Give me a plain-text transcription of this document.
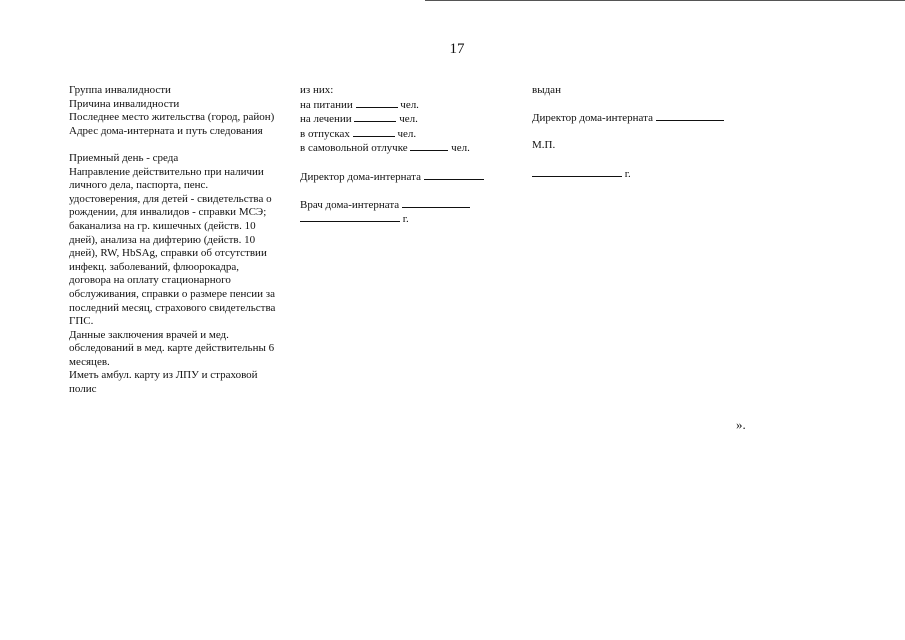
17
Группа инвалидности
Причина инвалидности
Последнее место жительства (город, район)
Адрес дома-интерната и путь следования
Приемный день - среда
Направление действительно при наличии
личного дела, паспорта, пенс.
удостоверения, для детей - свидетельства о
рождении, для инвалидов - справки МСЭ;
баканализа на гр. кишечных (действ. 10
дней), анализа на дифтерию (действ. 10
дней), RW, HbSAg, справки об отсутствии
инфекц. заболеваний, флюорокадра,
договора на оплату стационарного
обслуживания, справки о размере пенсии за
последний месяц, страхового свидетельства
ГПС.
Данные заключения врачей и мед.
обследований в мед. карте действительны 6
месяцев.
Иметь амбул. карту из ЛПУ и страховой
полис
из них:
на питании	чел.
на лечении	чел.
в отпусках	чел.
в самовольной отлучке	чел.
Директор дома-интерната
Врач дома-интерната
г.
выдан
Директор дома-интерната
М.П.
г.
».
